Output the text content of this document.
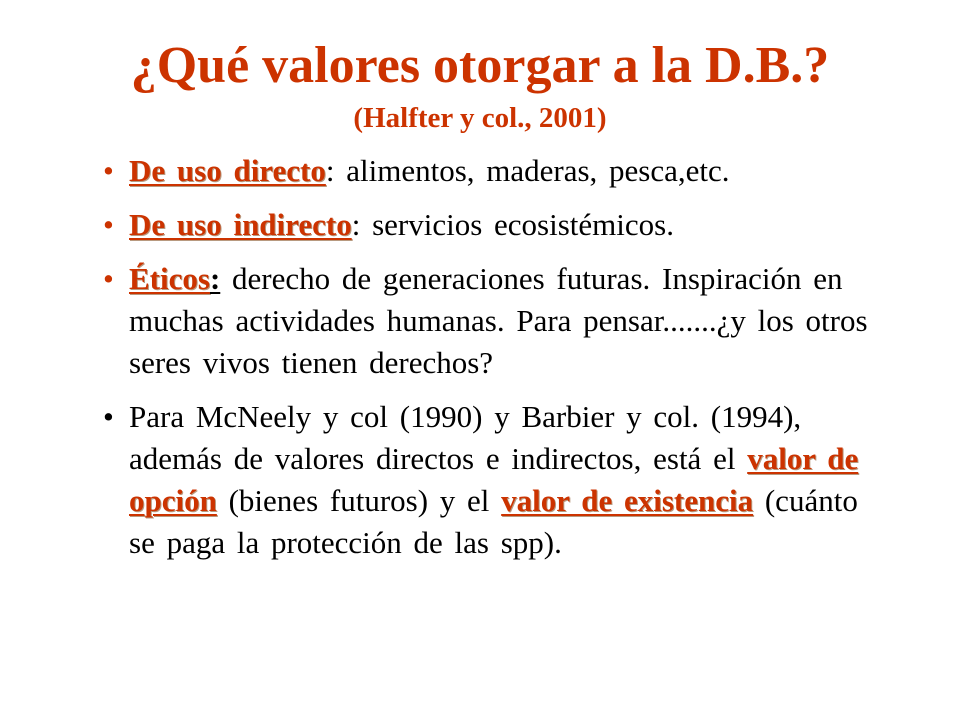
¿Qué valores otorgar a la D.B.?
(Halfter y col., 2001)
• De uso directo: alimentos, maderas, pesca,etc.
• De uso indirecto: servicios ecosistémicos.
• Éticos: derecho de generaciones futuras. Inspiración en muchas actividades humanas. Para pensar.......¿y los otros seres vivos tienen derechos?
• Para McNeely y col (1990) y Barbier y col. (1994), además de valores directos e indirectos, está el valor de opción (bienes futuros) y el valor de existencia (cuánto se paga la protección de las spp).
